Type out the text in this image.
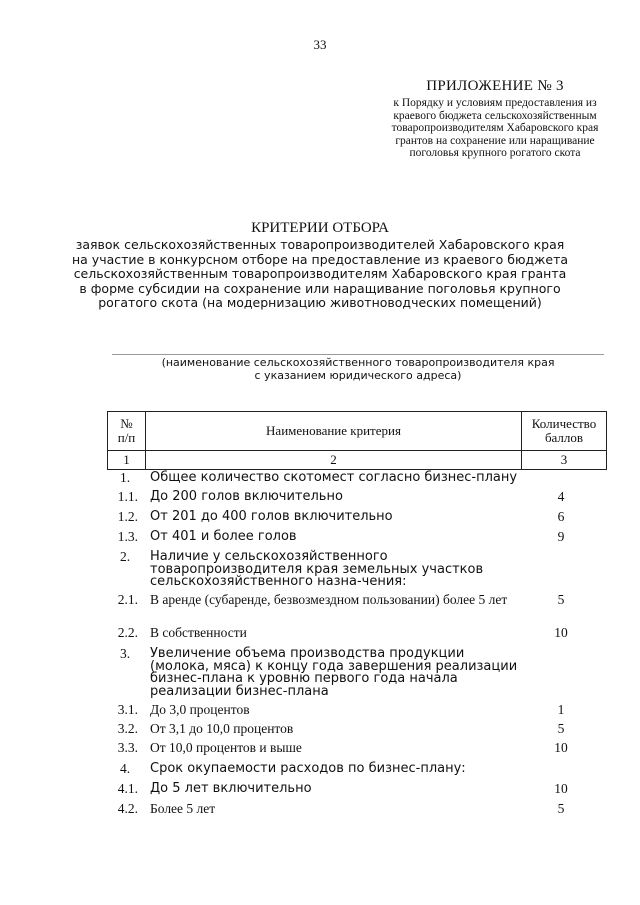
33
ПРИЛОЖЕНИЕ № 3
к Порядку и условиям предоставления из
краевого бюджета сельскохозяйственным
товаропроизводителям Хабаровского края
грантов на сохранение или наращивание
поголовья крупного рогатого скота
КРИТЕРИИ ОТБОРА
заявок сельскохозяйственных товаропроизводителей Хабаровского края
на участие в конкурсном отборе на предоставление из краевого бюджета
сельскохозяйственным товаропроизводителям Хабаровского края гранта
в форме субсидии на сохранение или наращивание поголовья крупного
рогатого скота (на модернизацию животноводческих помещений)
(наименование сельскохозяйственного товаропроизводителя края
с указанием юридического адреса)
№ п/п	Наименование критерия	Количество баллов
1	2	3
1.	Общее количество скотомест согласно бизнес-плану
1.1. До 200 голов включительно	4
1.2. От 201 до 400 голов включительно	6
1.3. От 401 и более голов	9
2.	Наличие у сельскохозяйственного товаропроизводителя края земельных участков сельскохозяйственного назна-чения:
2.1. В аренде (субаренде, безвозмездном пользовании) более 5 лет	5
2.2. В собственности	10
3.	Увеличение объема производства продукции (молока, мяса) к концу года завершения реализации бизнес-плана к уровню первого года начала реализации бизнес-плана
3.1. До 3,0 процентов	1
3.2. От 3,1 до 10,0 процентов	5
3.3. От 10,0 процентов и выше	10
4.	Срок окупаемости расходов по бизнес-плану:
4.1. До 5 лет включительно	10
4.2. Более 5 лет	5
